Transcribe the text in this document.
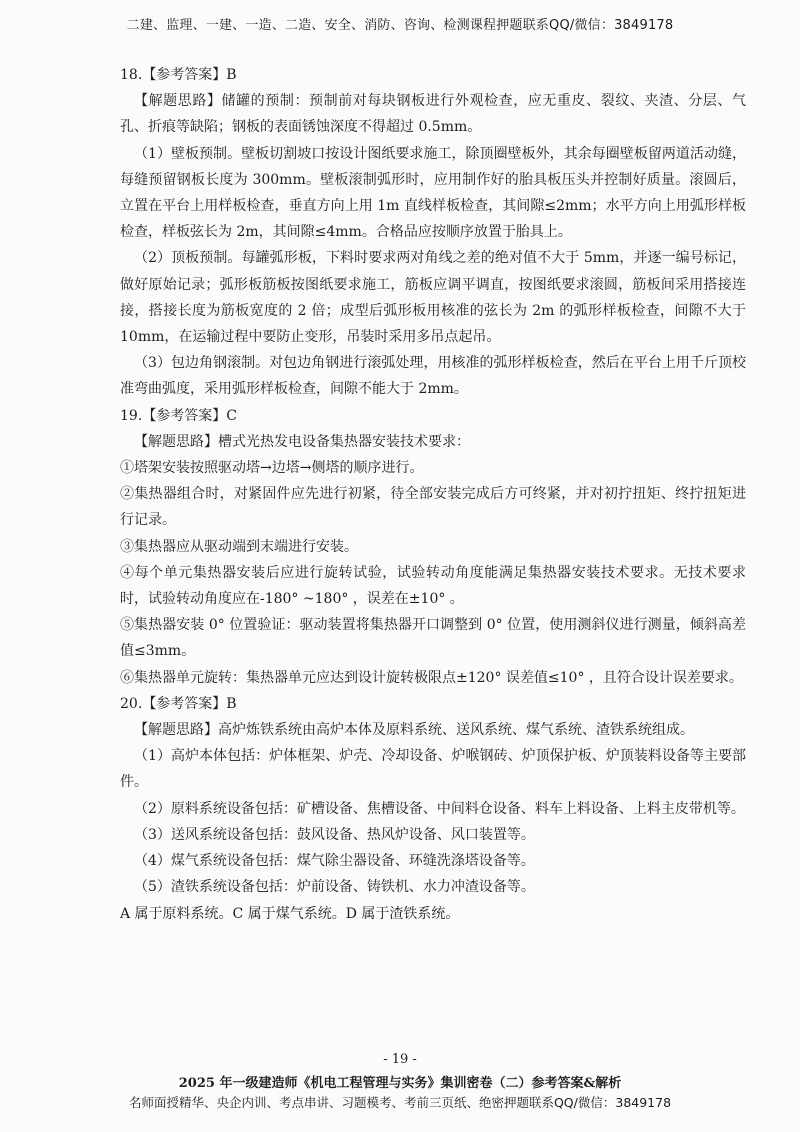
二建、监理、一建、一造、二造、安全、消防、咨询、检测课程押题联系QQ/微信：3849178

18.【参考答案】B

【解题思路】储罐的预制：预制前对每块钢板进行外观检查，应无重皮、裂纹、夹渣、分层、气孔、折痕等缺陷；钢板的表面锈蚀深度不得超过 0.5mm。

（1）壁板预制。壁板切割坡口按设计图纸要求施工，除顶圈壁板外，其余每圈壁板留两道活动缝，每缝预留钢板长度为 300mm。壁板滚制弧形时，应用制作好的胎具板压头并控制好质量。滚圆后，立置在平台上用样板检查，垂直方向上用 1m 直线样板检查，其间隙≤2mm；水平方向上用弧形样板检查，样板弦长为 2m，其间隙≤4mm。合格品应按顺序放置于胎具上。

（2）顶板预制。每罐弧形板，下料时要求两对角线之差的绝对值不大于 5mm，并逐一编号标记，做好原始记录；弧形板筋板按图纸要求施工，筋板应调平调直，按图纸要求滚圆，筋板间采用搭接连接，搭接长度为筋板宽度的 2 倍；成型后弧形板用核准的弦长为 2m 的弧形样板检查，间隙不大于 10mm，在运输过程中要防止变形，吊装时采用多吊点起吊。

（3）包边角钢滚制。对包边角钢进行滚弧处理，用核准的弧形样板检查，然后在平台上用千斤顶校准弯曲弧度，采用弧形样板检查，间隙不能大于 2mm。

19.【参考答案】C

【解题思路】槽式光热发电设备集热器安装技术要求：

①塔架安装按照驱动塔→边塔→侧塔的顺序进行。

②集热器组合时，对紧固件应先进行初紧，待全部安装完成后方可终紧，并对初拧扭矩、终拧扭矩进行记录。

③集热器应从驱动端到末端进行安装。

④每个单元集热器安装后应进行旋转试验，试验转动角度能满足集热器安装技术要求。无技术要求时，试验转动角度应在-180° ~180° ，误差在±10° 。

⑤集热器安装 0° 位置验证：驱动装置将集热器开口调整到 0° 位置，使用测斜仪进行测量，倾斜高差值≤3mm。

⑥集热器单元旋转：集热器单元应达到设计旋转极限点±120° 误差值≤10° ，且符合设计误差要求。

20.【参考答案】B

【解题思路】高炉炼铁系统由高炉本体及原料系统、送风系统、煤气系统、渣铁系统组成。

（1）高炉本体包括：炉体框架、炉壳、冷却设备、炉喉钢砖、炉顶保护板、炉顶装料设备等主要部件。

（2）原料系统设备包括：矿槽设备、焦槽设备、中间料仓设备、料车上料设备、上料主皮带机等。

（3）送风系统设备包括：鼓风设备、热风炉设备、风口装置等。

（4）煤气系统设备包括：煤气除尘器设备、环缝洗涤塔设备等。

（5）渣铁系统设备包括：炉前设备、铸铁机、水力冲渣设备等。

A 属于原料系统。C 属于煤气系统。D 属于渣铁系统。

- 19 -
2025 年一级建造师《机电工程管理与实务》集训密卷（二）参考答案&解析
名师面授精华、央企内训、考点串讲、习题模考、考前三页纸、绝密押题联系QQ/微信：3849178
